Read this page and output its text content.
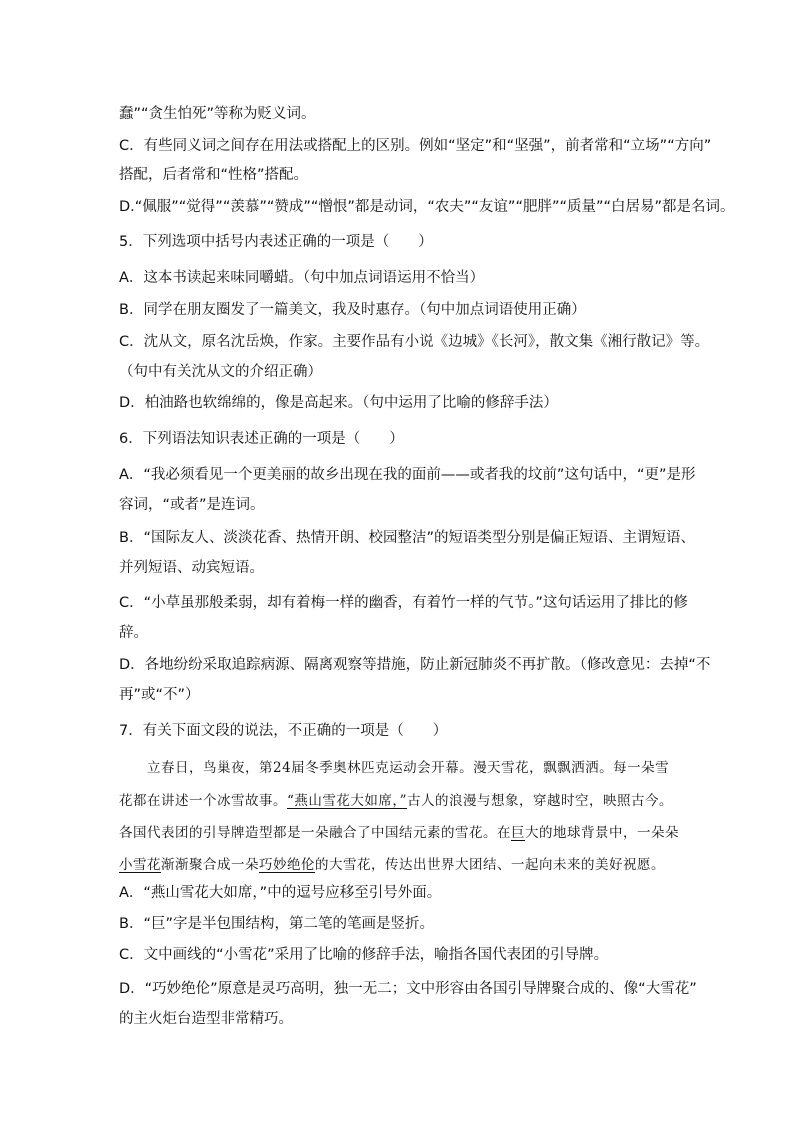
蠢”“贪生怕死”等称为贬义词。
C．有些同义词之间存在用法或搭配上的区别。例如“坚定”和“坚强”，前者常和“立场”“方向”
搭配，后者常和“性格”搭配。
D.“佩服”“觉得”“羡慕”“赞成”“憎恨”都是动词，“农夫”“友谊”“肥胖”“质量”“白居易”都是名词。
5．下列选项中括号内表述正确的一项是（　　）
A．这本书读起来味同嚼蜡。（句中加点词语运用不恰当）
B．同学在朋友圈发了一篇美文，我及时惠存。（句中加点词语使用正确）
C．沈从文，原名沈岳焕，作家。主要作品有小说《边城》《长河》，散文集《湘行散记》等。
（句中有关沈从文的介绍正确）
D．柏油路也软绵绵的，像是高起来。（句中运用了比喻的修辞手法）
6．下列语法知识表述正确的一项是（　　）
A．“我必须看见一个更美丽的故乡出现在我的面前——或者我的坟前”这句话中，“更”是形
容词，“或者”是连词。
B．“国际友人、淡淡花香、热情开朗、校园整洁”的短语类型分别是偏正短语、主谓短语、
并列短语、动宾短语。
C．“小草虽那般柔弱，却有着梅一样的幽香，有着竹一样的气节。”这句话运用了排比的修
辞。
D．各地纷纷采取追踪病源、隔离观察等措施，防止新冠肺炎不再扩散。（修改意见：去掉“不
再”或“不”）
7．有关下面文段的说法，不正确的一项是（　　）
立春日，鸟巢夜，第24届冬季奥林匹克运动会开幕。漫天雪花，飘飘洒洒。每一朵雪
花都在讲述一个冰雪故事。“燕山雪花大如席，”古人的浪漫与想象，穿越时空，映照古今。
各国代表团的引导牌造型都是一朵融合了中国结元素的雪花。在巨大的地球背景中，一朵朵
小雪花渐渐聚合成一朵巧妙绝伦的大雪花，传达出世界大团结、一起向未来的美好祝愿。
A．“燕山雪花大如席，”中的逗号应移至引号外面。
B．“巨”字是半包围结构，第二笔的笔画是竖折。
C．文中画线的“小雪花”采用了比喻的修辞手法，喻指各国代表团的引导牌。
D．“巧妙绝伦”原意是灵巧高明，独一无二；文中形容由各国引导牌聚合成的、像“大雪花”
的主火炬台造型非常精巧。
